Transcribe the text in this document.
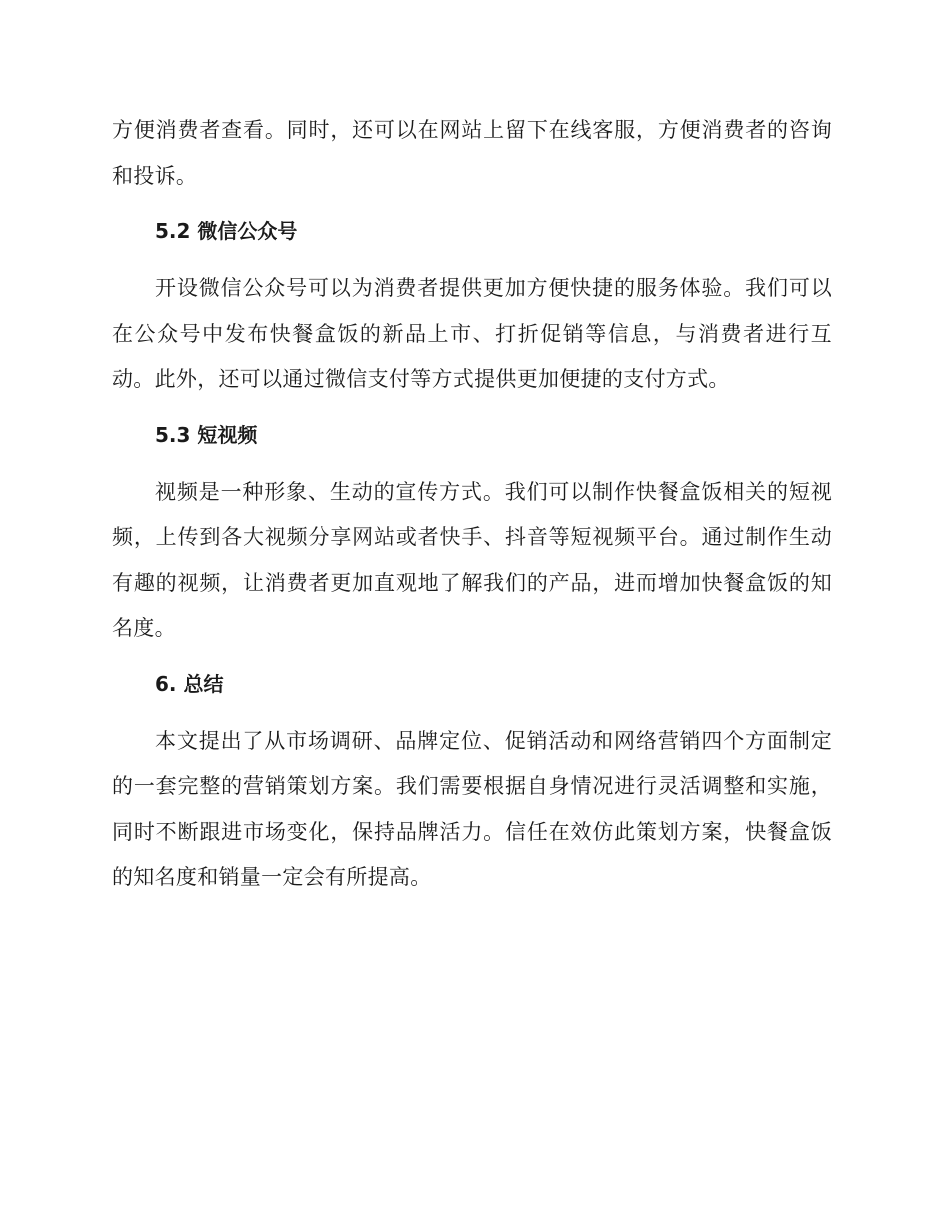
方便消费者查看。同时，还可以在网站上留下在线客服，方便消费者的咨询和投诉。

5.2 微信公众号

开设微信公众号可以为消费者提供更加方便快捷的服务体验。我们可以在公众号中发布快餐盒饭的新品上市、打折促销等信息，与消费者进行互动。此外，还可以通过微信支付等方式提供更加便捷的支付方式。

5.3 短视频

视频是一种形象、生动的宣传方式。我们可以制作快餐盒饭相关的短视频，上传到各大视频分享网站或者快手、抖音等短视频平台。通过制作生动有趣的视频，让消费者更加直观地了解我们的产品，进而增加快餐盒饭的知名度。

6. 总结

本文提出了从市场调研、品牌定位、促销活动和网络营销四个方面制定的一套完整的营销策划方案。我们需要根据自身情况进行灵活调整和实施，同时不断跟进市场变化，保持品牌活力。信任在效仿此策划方案，快餐盒饭的知名度和销量一定会有所提高。
